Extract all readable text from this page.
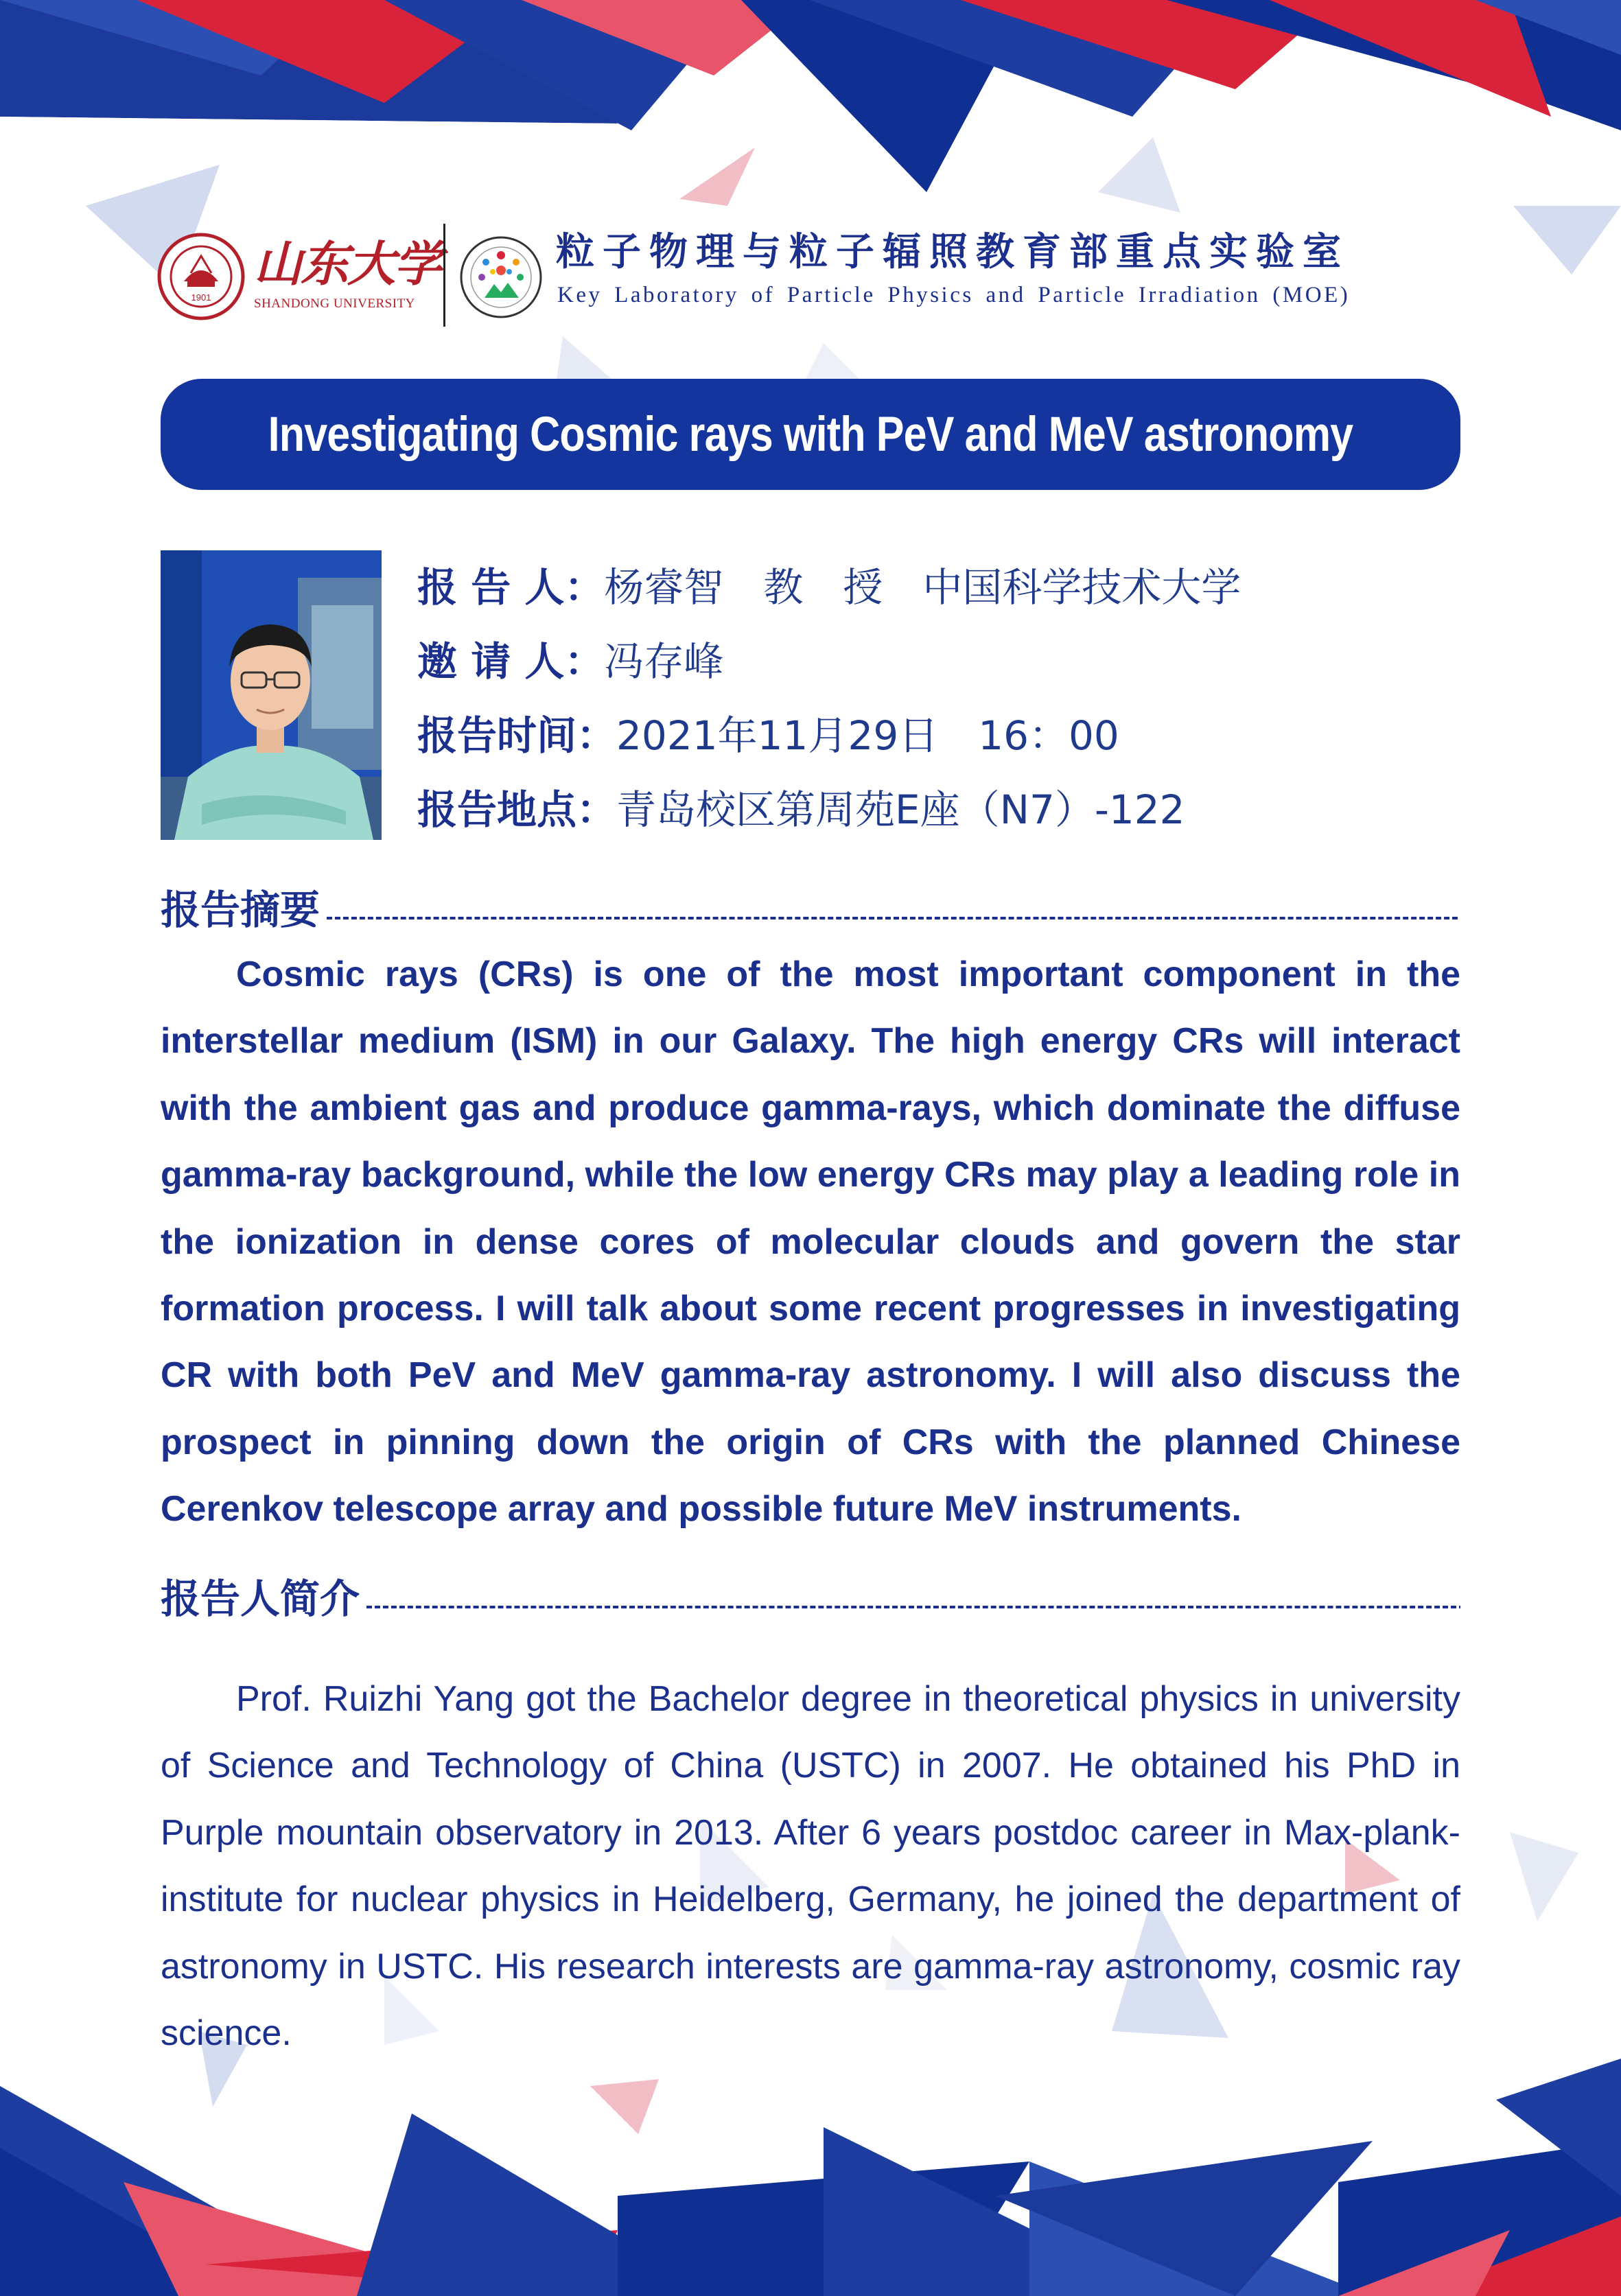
1901
山东大学
SHANDONG UNIVERSITY
粒子物理与粒子辐照教育部重点实验室
Key Laboratory of Particle Physics and Particle Irradiation (MOE)
Investigating Cosmic rays with PeV and MeV astronomy
报 告 人：杨睿智　教　授　中国科学技术大学
邀 请 人：冯存峰
报告时间：2021年11月29日　16：00
报告地点：青岛校区第周苑E座（N7）-122
报告摘要
Cosmic rays (CRs) is one of the most important component in the interstellar medium (ISM) in our Galaxy. The high energy CRs will interact with the ambient gas and produce gamma-rays, which dominate the diffuse gamma-ray background, while the low energy CRs may play a leading role in the ionization in dense cores of molecular clouds and govern the star formation process. I will talk about some recent progresses in investigating CR with both PeV and MeV gamma-ray astronomy. I will also discuss the prospect in pinning down the origin of CRs with the planned Chinese Cerenkov telescope array and possible future MeV instruments.
报告人简介
Prof. Ruizhi Yang got the Bachelor degree in theoretical physics in university of Science and Technology of China (USTC) in 2007. He obtained his PhD in Purple mountain observatory in 2013. After 6 years postdoc career in Max-plank-institute for nuclear physics in Heidelberg, Germany, he joined the department of astronomy in USTC. His research interests are gamma-ray astronomy, cosmic ray science.
